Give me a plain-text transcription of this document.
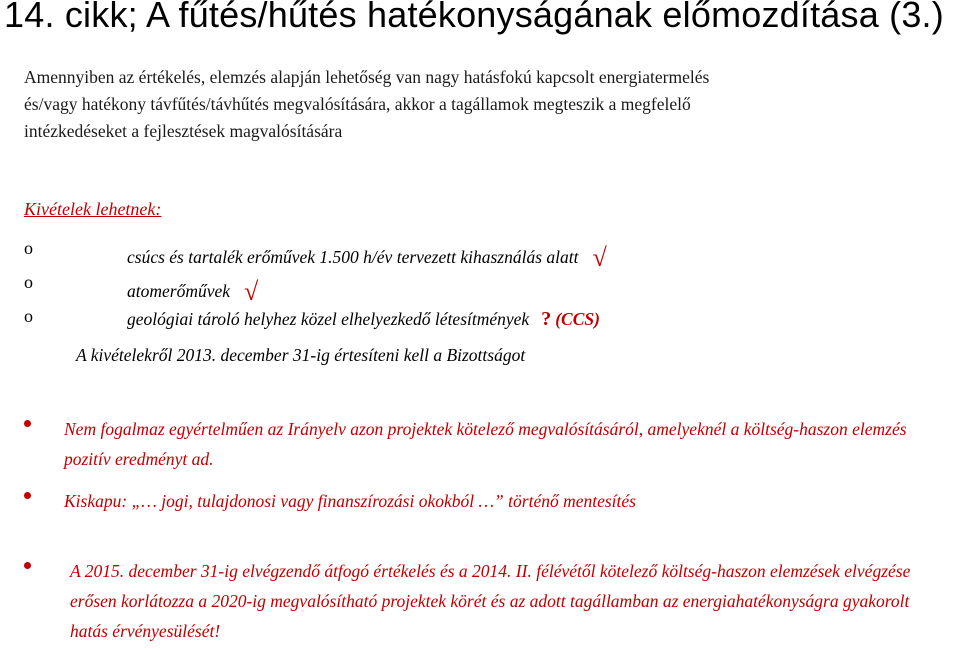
14. cikk; A fűtés/hűtés hatékonyságának előmozdítása (3.)
Amennyiben az értékelés, elemzés alapján lehetőség van nagy hatásfokú kapcsolt energiatermelés és/vagy hatékony távfűtés/távhűtés megvalósítására, akkor a tagállamok megteszik a megfelelő intézkedéseket a fejlesztések magvalósítására
Kivételek lehetnek:
o	csúcs és tartalék erőművek 1.500 h/év tervezett kihasználás alatt √
o	atomerőművek √
o	geológiai tároló helyhez közel elhelyezkedő létesítmények ? (CCS)
A kivételekről 2013. december 31-ig értesíteni kell a Bizottságot
Nem fogalmaz egyértelműen az Irányelv azon projektek kötelező megvalósításáról, amelyeknél a költség-haszon elemzés pozitív eredményt ad.
Kiskapu: „… jogi, tulajdonosi vagy finanszírozási okokból …” történő mentesítés
A 2015. december 31-ig elvégzendő átfogó értékelés és a 2014. II. félévétől kötelező költség-haszon elemzések elvégzése erősen korlátozza a 2020-ig megvalósítható projektek körét és az adott tagállamban az energiahatékonyságra gyakorolt hatás érvényesülését!
